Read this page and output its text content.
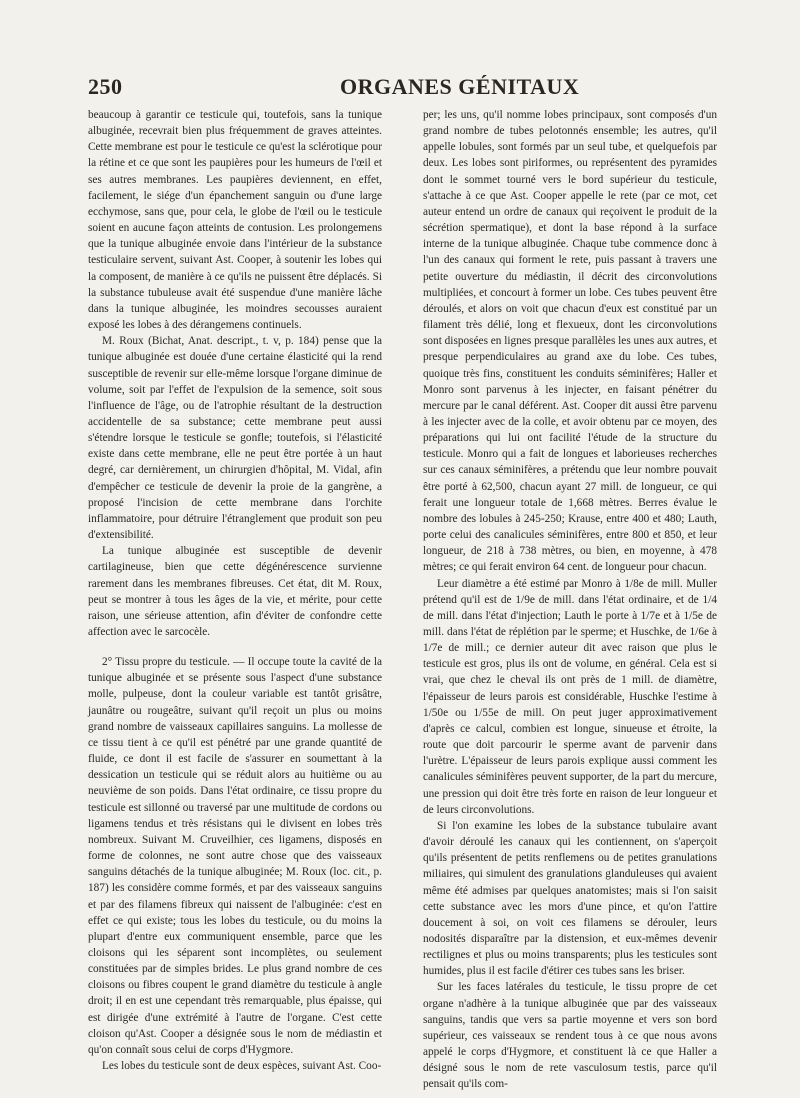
250	ORGANES GÉNITAUX

beaucoup à garantir ce testicule qui, toutefois, sans la tunique albuginée, recevrait bien plus fréquemment de graves atteintes. Cette membrane est pour le testicule ce qu'est la sclérotique pour la rétine et ce que sont les paupières pour les humeurs de l'œil et ses autres membranes. Les paupières deviennent, en effet, facilement, le siége d'un épanchement sanguin ou d'une large ecchymose, sans que, pour cela, le globe de l'œil ou le testicule soient en aucune façon atteints de contusion. Les prolongemens que la tunique albuginée envoie dans l'intérieur de la substance testiculaire servent, suivant Ast. Cooper, à soutenir les lobes qui la composent, de manière à ce qu'ils ne puissent être déplacés. Si la substance tubuleuse avait été suspendue d'une manière lâche dans la tunique albuginée, les moindres secousses auraient exposé les lobes à des dérangemens continuels.

M. Roux (Bichat, Anat. descript., t. v, p. 184) pense que la tunique albuginée est douée d'une certaine élasticité qui la rend susceptible de revenir sur elle-même lorsque l'organe diminue de volume, soit par l'effet de l'expulsion de la semence, soit sous l'influence de l'âge, ou de l'atrophie résultant de la destruction accidentelle de sa substance; cette membrane peut aussi s'étendre lorsque le testicule se gonfle; toutefois, si l'élasticité existe dans cette membrane, elle ne peut être portée à un haut degré, car dernièrement, un chirurgien d'hôpital, M. Vidal, afin d'empêcher ce testicule de devenir la proie de la gangrène, a proposé l'incision de cette membrane dans l'orchite inflammatoire, pour détruire l'étranglement que produit son peu d'extensibilité.

La tunique albuginée est susceptible de devenir cartilagineuse, bien que cette dégénérescence survienne rarement dans les membranes fibreuses. Cet état, dit M. Roux, peut se montrer à tous les âges de la vie, et mérite, pour cette raison, une sérieuse attention, afin d'éviter de confondre cette affection avec le sarcocèle.

2° Tissu propre du testicule. — Il occupe toute la cavité de la tunique albuginée et se présente sous l'aspect d'une substance molle, pulpeuse, dont la couleur variable est tantôt grisâtre, jaunâtre ou rougeâtre, suivant qu'il reçoit un plus ou moins grand nombre de vaisseaux capillaires sanguins. La mollesse de ce tissu tient à ce qu'il est pénétré par une grande quantité de fluide, ce dont il est facile de s'assurer en soumettant à la dessication un testicule qui se réduit alors au huitième ou au neuvième de son poids. Dans l'état ordinaire, ce tissu propre du testicule est sillonné ou traversé par une multitude de cordons ou ligamens tendus et très résistans qui le divisent en lobes très nombreux. Suivant M. Cruveilhier, ces ligamens, disposés en forme de colonnes, ne sont autre chose que des vaisseaux sanguins détachés de la tunique albuginée; M. Roux (loc. cit., p. 187) les considère comme formés, et par des vaisseaux sanguins et par des filamens fibreux qui naissent de l'albuginée: c'est en effet ce qui existe; tous les lobes du testicule, ou du moins la plupart d'entre eux communiquent ensemble, parce que les cloisons qui les séparent sont incomplètes, ou seulement constituées par de simples brides. Le plus grand nombre de ces cloisons ou fibres coupent le grand diamètre du testicule à angle droit; il en est une cependant très remarquable, plus épaisse, qui est dirigée d'une extrémité à l'autre de l'organe. C'est cette cloison qu'Ast. Cooper a désignée sous le nom de médiastin et qu'on connaît sous celui de corps d'Hygmore.

Les lobes du testicule sont de deux espèces, suivant Ast. Coo-

per; les uns, qu'il nomme lobes principaux, sont composés d'un grand nombre de tubes pelotonnés ensemble; les autres, qu'il appelle lobules, sont formés par un seul tube, et quelquefois par deux. Les lobes sont piriformes, ou représentent des pyramides dont le sommet tourné vers le bord supérieur du testicule, s'attache à ce que Ast. Cooper appelle le rete (par ce mot, cet auteur entend un ordre de canaux qui reçoivent le produit de la sécrétion spermatique), et dont la base répond à la surface interne de la tunique albuginée. Chaque tube commence donc à l'un des canaux qui forment le rete, puis passant à travers une petite ouverture du médiastin, il décrit des circonvolutions multipliées, et concourt à former un lobe. Ces tubes peuvent être déroulés, et alors on voit que chacun d'eux est constitué par un filament très délié, long et flexueux, dont les circonvolutions sont disposées en lignes presque parallèles les unes aux autres, et presque perpendiculaires au grand axe du lobe. Ces tubes, quoique très fins, constituent les conduits séminifères; Haller et Monro sont parvenus à les injecter, en faisant pénétrer du mercure par le canal déférent. Ast. Cooper dit aussi être parvenu à les injecter avec de la colle, et avoir obtenu par ce moyen, des préparations qui lui ont facilité l'étude de la structure du testicule. Monro qui a fait de longues et laborieuses recherches sur ces canaux séminifères, a prétendu que leur nombre pouvait être porté à 62,500, chacun ayant 27 mill. de longueur, ce qui ferait une longueur totale de 1,668 mètres. Berres évalue le nombre des lobules à 245-250; Krause, entre 400 et 480; Lauth, porte celui des canalicules séminifères, entre 800 et 850, et leur longueur, de 218 à 738 mètres, ou bien, en moyenne, à 478 mètres; ce qui ferait environ 64 cent. de longueur pour chacun.

Leur diamètre a été estimé par Monro à 1/8e de mill. Muller prétend qu'il est de 1/9e de mill. dans l'état ordinaire, et de 1/4 de mill. dans l'état d'injection; Lauth le porte à 1/7e et à 1/5e de mill. dans l'état de réplétion par le sperme; et Huschke, de 1/6e à 1/7e de mill.; ce dernier auteur dit avec raison que plus le testicule est gros, plus ils ont de volume, en général. Cela est si vrai, que chez le cheval ils ont près de 1 mill. de diamètre, l'épaisseur de leurs parois est considérable, Huschke l'estime à 1/50e ou 1/55e de mill. On peut juger approximativement d'après ce calcul, combien est longue, sinueuse et étroite, la route que doit parcourir le sperme avant de parvenir dans l'urètre. L'épaisseur de leurs parois explique aussi comment les canalicules séminifères peuvent supporter, de la part du mercure, une pression qui doit être très forte en raison de leur longueur et de leurs circonvolutions.

Si l'on examine les lobes de la substance tubulaire avant d'avoir déroulé les canaux qui les contiennent, on s'aperçoit qu'ils présentent de petits renflemens ou de petites granulations miliaires, qui simulent des granulations glanduleuses qui avaient même été admises par quelques anatomistes; mais si l'on saisit cette substance avec les mors d'une pince, et qu'on l'attire doucement à soi, on voit ces filamens se dérouler, leurs nodosités disparaître par la distension, et eux-mêmes devenir rectilignes et plus ou moins transparents; plus les testicules sont humides, plus il est facile d'étirer ces tubes sans les briser.

Sur les faces latérales du testicule, le tissu propre de cet organe n'adhère à la tunique albuginée que par des vaisseaux sanguins, tandis que vers sa partie moyenne et vers son bord supérieur, ces vaisseaux se rendent tous à ce que nous avons appelé le corps d'Hygmore, et constituent là ce que Haller a désigné sous le nom de rete vasculosum testis, parce qu'il pensait qu'ils com-
